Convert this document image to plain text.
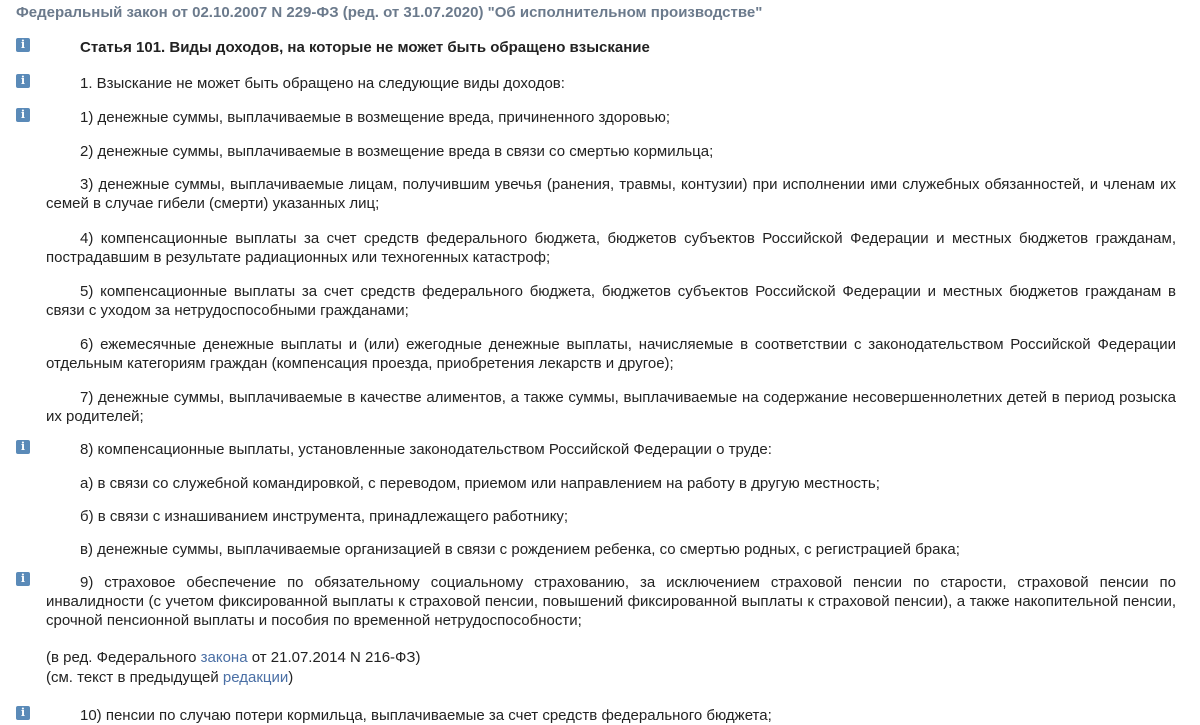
Федеральный закон от 02.10.2007 N 229-ФЗ (ред. от 31.07.2020) "Об исполнительном производстве"
i
i
i
i
i
i

Статья 101. Виды доходов, на которые не может быть обращено взыскание

1. Взыскание не может быть обращено на следующие виды доходов:

1) денежные суммы, выплачиваемые в возмещение вреда, причиненного здоровью;

2) денежные суммы, выплачиваемые в возмещение вреда в связи со смертью кормильца;

3) денежные суммы, выплачиваемые лицам, получившим увечья (ранения, травмы, контузии) при исполнении ими служебных обязанностей, и членам их семей в случае гибели (смерти) указанных лиц;

4) компенсационные выплаты за счет средств федерального бюджета, бюджетов субъектов Российской Федерации и местных бюджетов гражданам, пострадавшим в результате радиационных или техногенных катастроф;

5) компенсационные выплаты за счет средств федерального бюджета, бюджетов субъектов Российской Федерации и местных бюджетов гражданам в связи с уходом за нетрудоспособными гражданами;

6) ежемесячные денежные выплаты и (или) ежегодные денежные выплаты, начисляемые в соответствии с законодательством Российской Федерации отдельным категориям граждан (компенсация проезда, приобретения лекарств и другое);

7) денежные суммы, выплачиваемые в качестве алиментов, а также суммы, выплачиваемые на содержание несовершеннолетних детей в период розыска их родителей;

8) компенсационные выплаты, установленные законодательством Российской Федерации о труде:

а) в связи со служебной командировкой, с переводом, приемом или направлением на работу в другую местность;

б) в связи с изнашиванием инструмента, принадлежащего работнику;

в) денежные суммы, выплачиваемые организацией в связи с рождением ребенка, со смертью родных, с регистрацией брака;

9) страховое обеспечение по обязательному социальному страхованию, за исключением страховой пенсии по старости, страховой пенсии по инвалидности (с учетом фиксированной выплаты к страховой пенсии, повышений фиксированной выплаты к страховой пенсии), а также накопительной пенсии, срочной пенсионной выплаты и пособия по временной нетрудоспособности;

(в ред. Федерального закона от 21.07.2014 N 216-ФЗ)

(см. текст в предыдущей редакции)

10) пенсии по случаю потери кормильца, выплачиваемые за счет средств федерального бюджета;
